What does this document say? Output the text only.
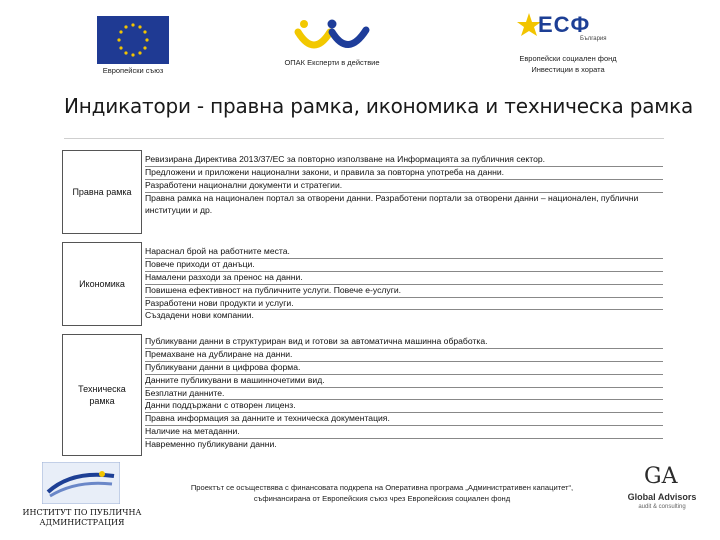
Европейски съюз
ОПАК Експерти в действие
ЕСФ
България
Европейски социален фонд
Инвестиции в хората
Индикатори - правна рамка, икономика и техническа рамка
Правна рамка
Ревизирана Директива 2013/37/ЕС за повторно използване на Информацията за публичния сектор.
Предложени и приложени национални закони, и правила за повторна употреба на данни.
Разработени национални документи и стратегии.
Правна рамка на национален портал за отворени данни. Разработени портали за отворени данни – национален, публични институции и др.
Икономика
Нараснал брой на работните места.
Повече приходи от данъци.
Намалени разходи за пренос на данни.
Повишена ефективност на публичните услуги. Повече е-услуги.
Разработени нови продукти и услуги.
Създадени нови компании.
Техническа рамка
Публикувани данни в структуриран вид и готови за автоматична машинна обработка.
Премахване на дублиране на данни.
Публикувани данни в цифрова форма.
Данните публикувани в машинночетими вид.
Безплатни данните.
Данни поддържани с отворен лиценз.
Правна информация за данните и техническа документация.
Наличие на метаданни.
Навременно публикувани данни.
ИНСТИТУТ ПО ПУБЛИЧНА АДМИНИСТРАЦИЯ
Проектът се осъществява с финансовата подкрепа на Оперативна програма „Административен капацитет“, съфинансирана от Европейския съюз чрез Европейския социален фонд
GA
Global Advisors
audit & consulting
